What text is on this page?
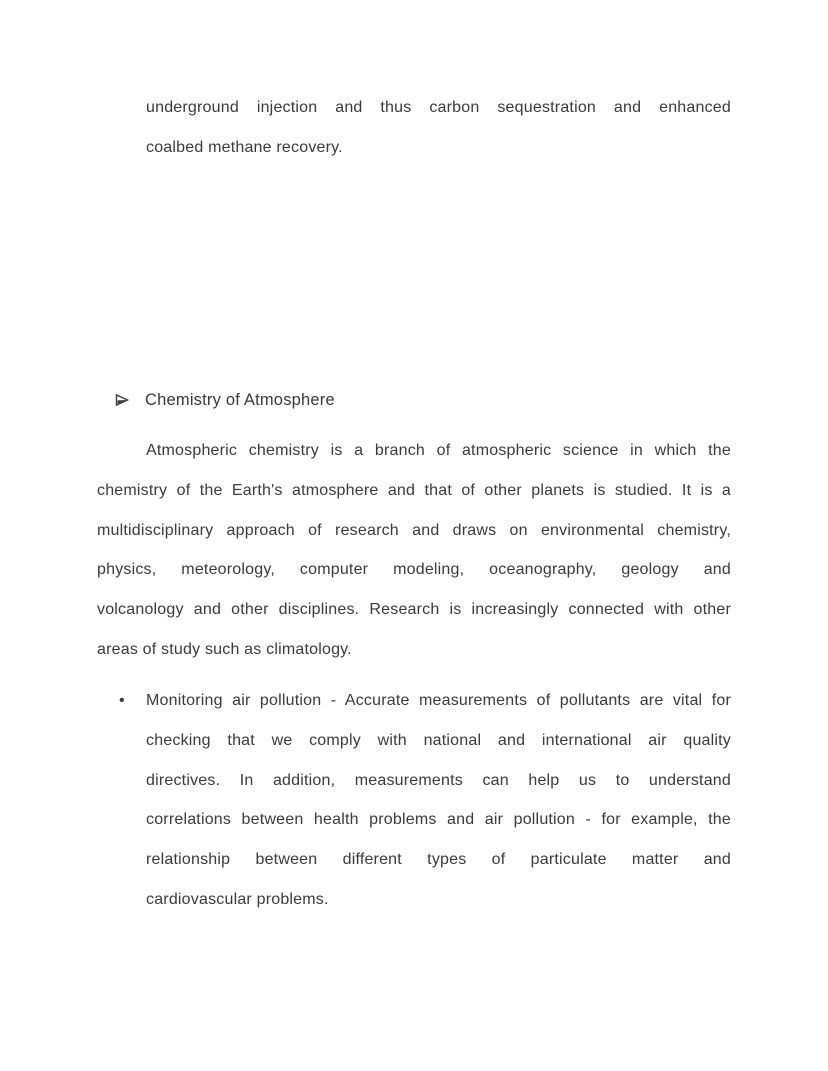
underground injection and thus carbon sequestration and enhanced
coalbed methane recovery.
Chemistry of Atmosphere
Atmospheric chemistry is a branch of atmospheric science in which the
chemistry of the Earth's atmosphere and that of other planets is studied. It is a
multidisciplinary approach of research and draws on environmental chemistry,
physics, meteorology, computer modeling, oceanography, geology and
volcanology and other disciplines. Research is increasingly connected with other
areas of study such as climatology.
• Monitoring air pollution - Accurate measurements of pollutants are vital for
checking that we comply with national and international air quality
directives. In addition, measurements can help us to understand
correlations between health problems and air pollution - for example, the
relationship between different types of particulate matter and
cardiovascular problems.
